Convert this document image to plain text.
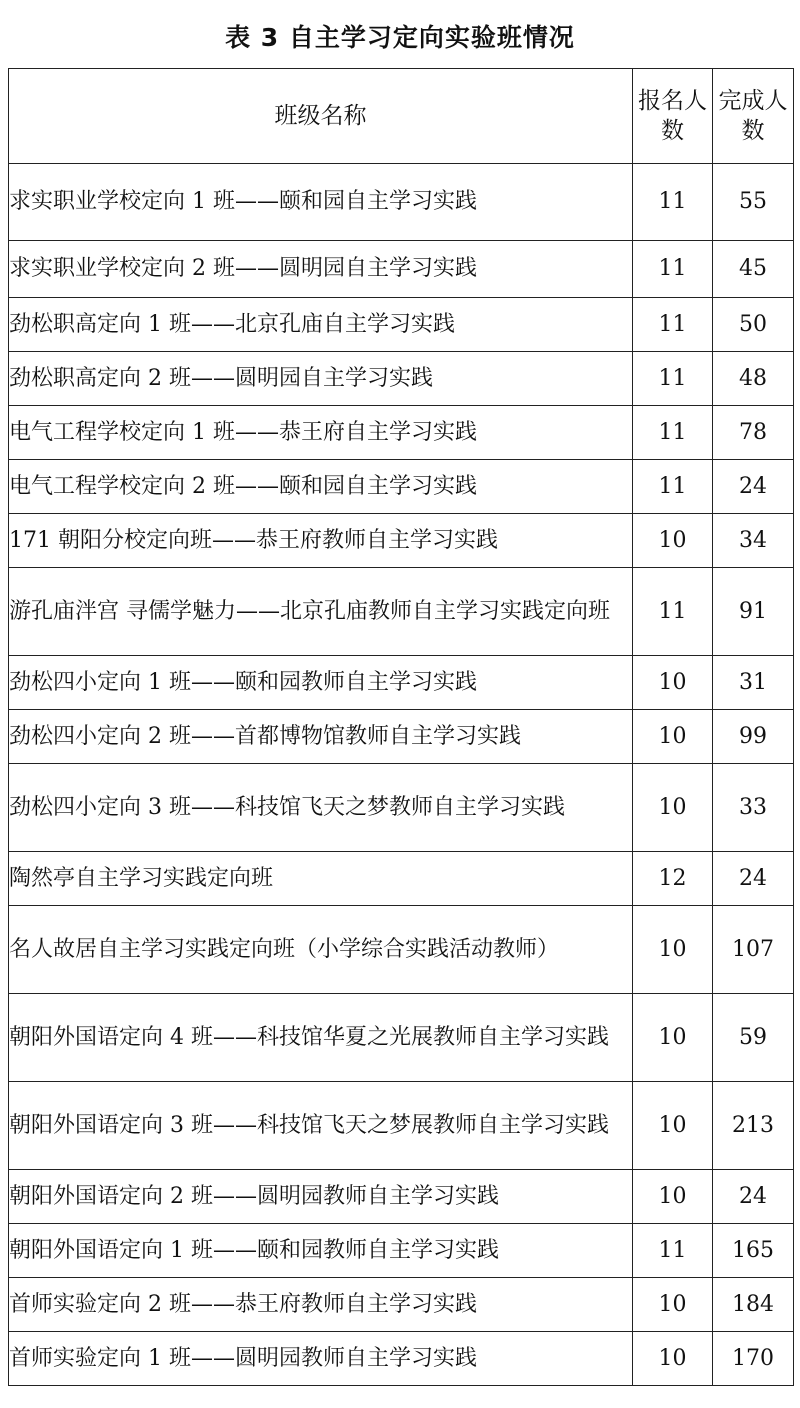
表 3 自主学习定向实验班情况
班级名称	报名人数	完成人数
求实职业学校定向 1 班——颐和园自主学习实践	11	55
求实职业学校定向 2 班——圆明园自主学习实践	11	45
劲松职高定向 1 班——北京孔庙自主学习实践	11	50
劲松职高定向 2 班——圆明园自主学习实践	11	48
电气工程学校定向 1 班——恭王府自主学习实践	11	78
电气工程学校定向 2 班——颐和园自主学习实践	11	24
171 朝阳分校定向班——恭王府教师自主学习实践	10	34
游孔庙泮宫 寻儒学魅力——北京孔庙教师自主学习实践定向班	11	91
劲松四小定向 1 班——颐和园教师自主学习实践	10	31
劲松四小定向 2 班——首都博物馆教师自主学习实践	10	99
劲松四小定向 3 班——科技馆飞天之梦教师自主学习实践	10	33
陶然亭自主学习实践定向班	12	24
名人故居自主学习实践定向班（小学综合实践活动教师）	10	107
朝阳外国语定向 4 班——科技馆华夏之光展教师自主学习实践	10	59
朝阳外国语定向 3 班——科技馆飞天之梦展教师自主学习实践	10	213
朝阳外国语定向 2 班——圆明园教师自主学习实践	10	24
朝阳外国语定向 1 班——颐和园教师自主学习实践	11	165
首师实验定向 2 班——恭王府教师自主学习实践	10	184
首师实验定向 1 班——圆明园教师自主学习实践	10	170
